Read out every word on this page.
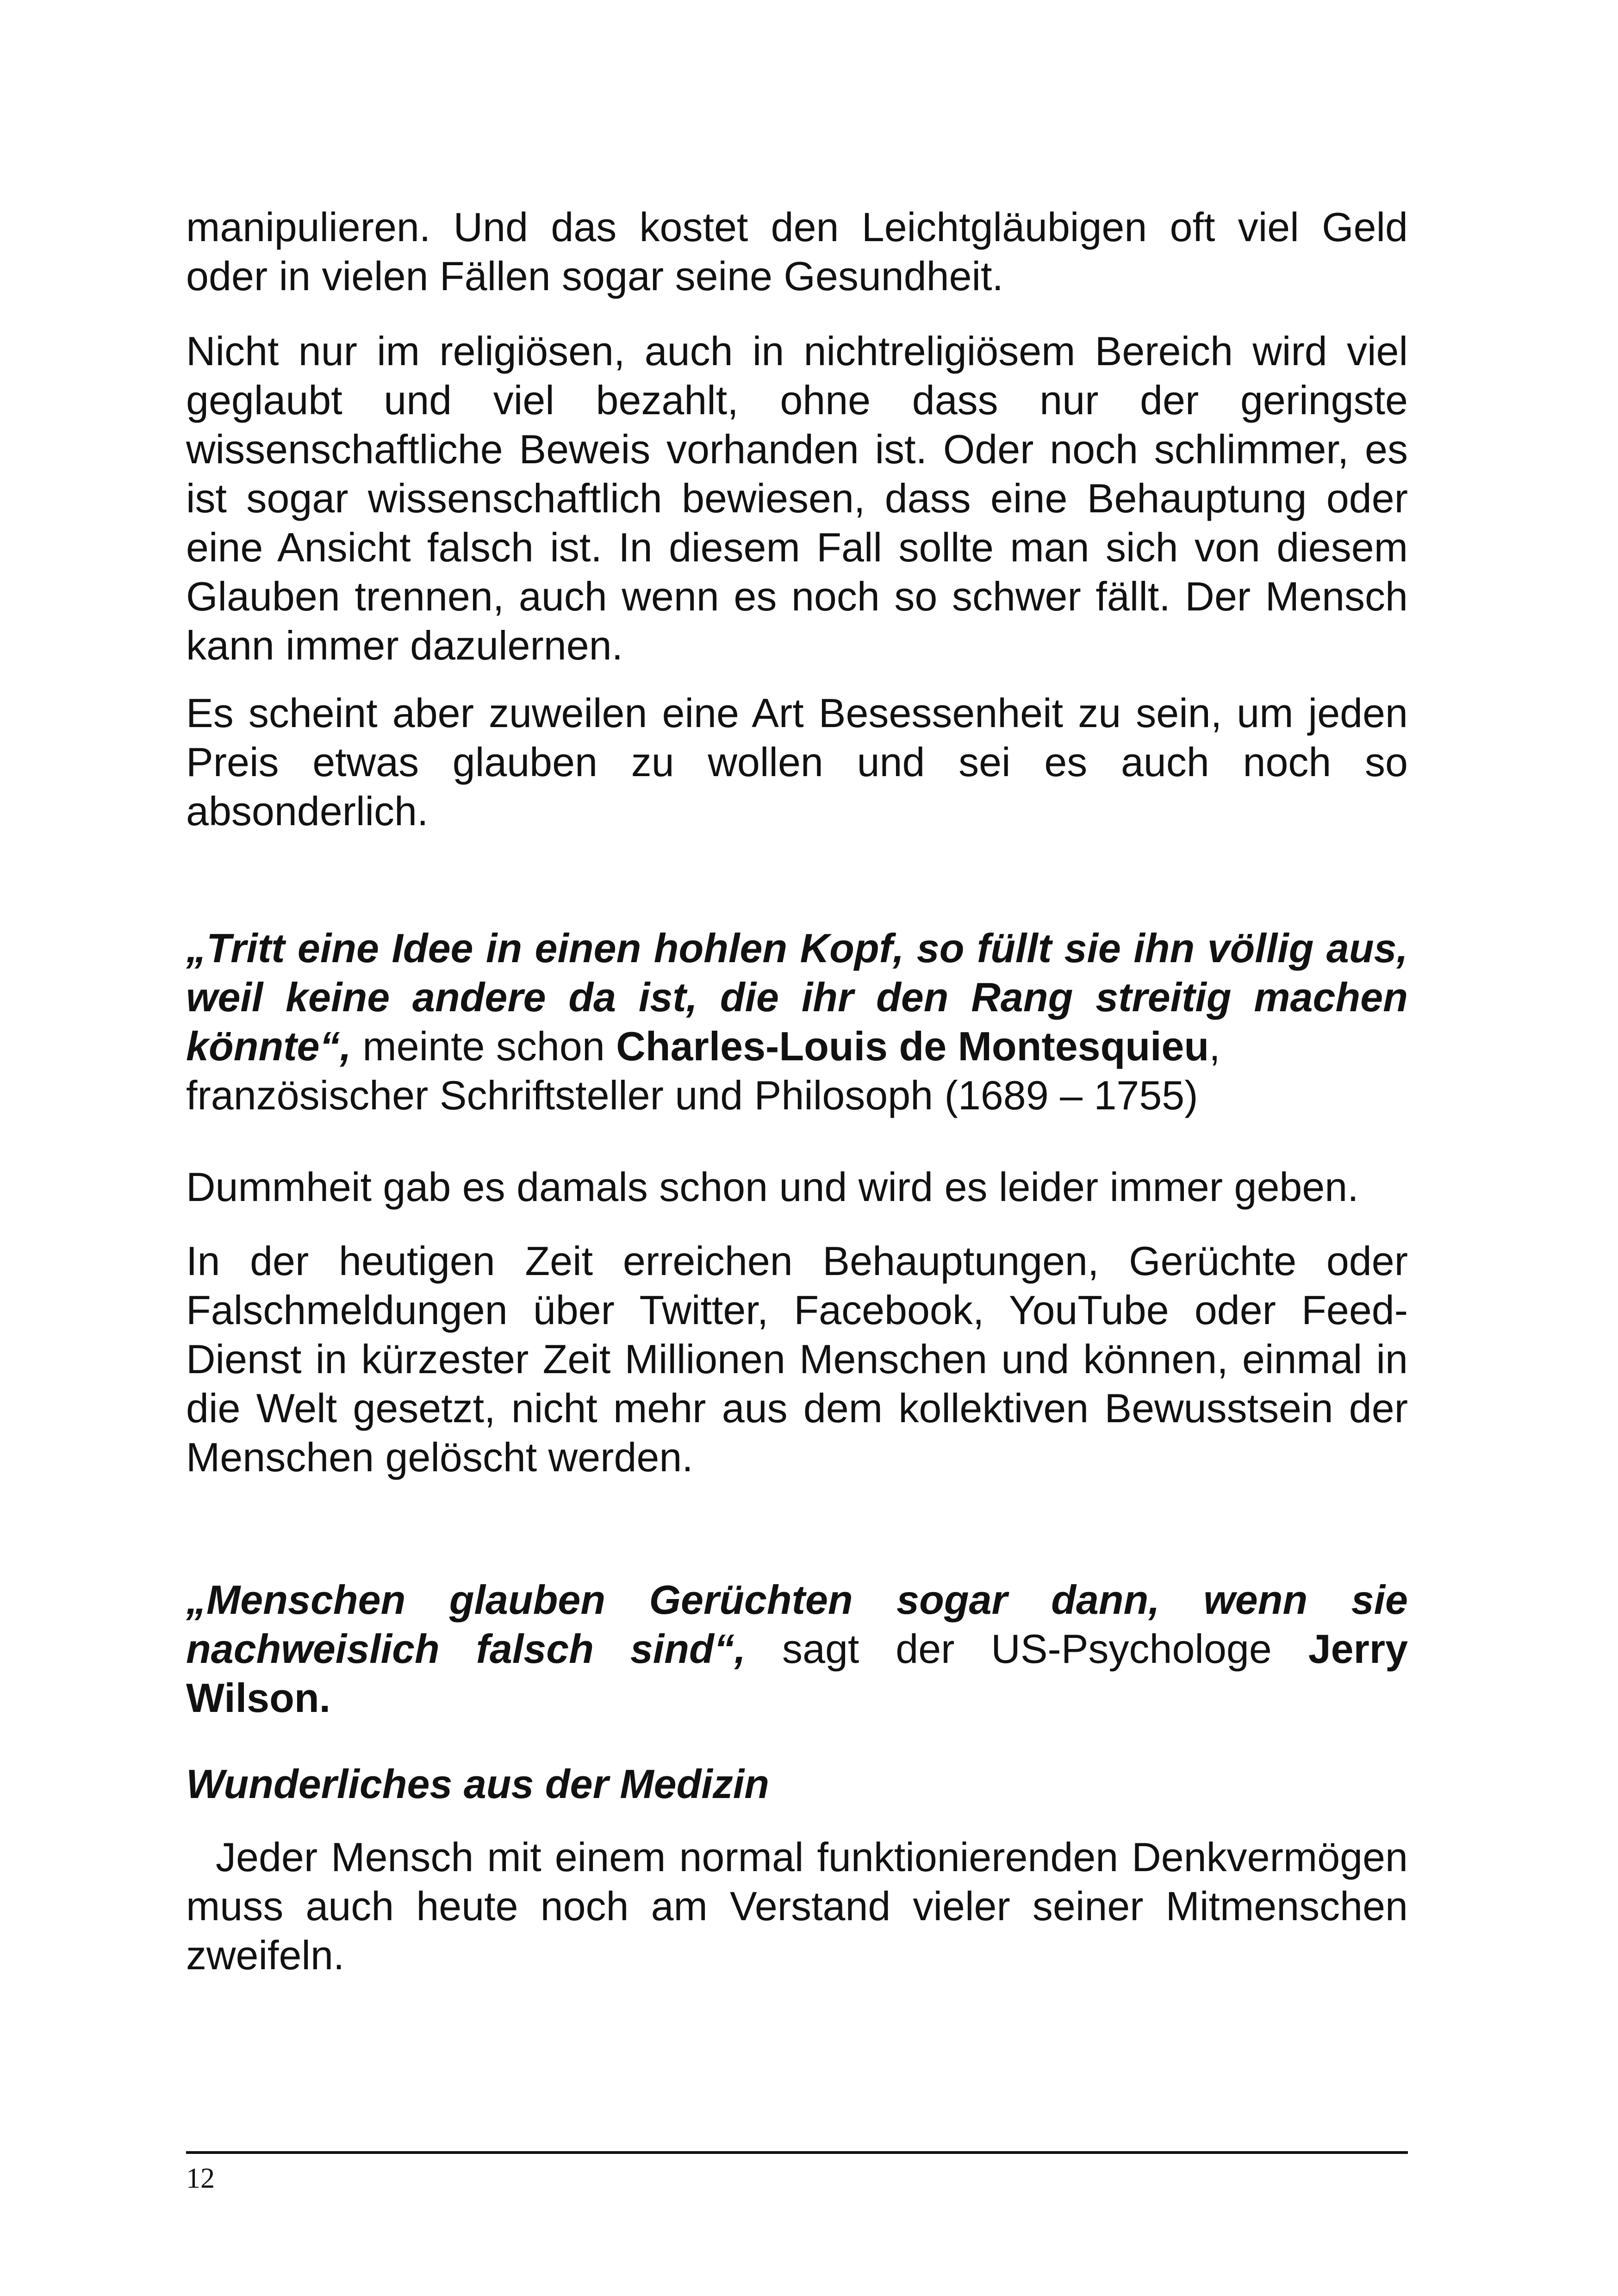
manipulieren. Und das kostet den Leichtgläubigen oft viel Geld oder in vielen Fällen sogar seine Gesundheit.

Nicht nur im religiösen, auch in nichtreligiösem Bereich wird viel geglaubt und viel bezahlt, ohne dass nur der geringste wissenschaftliche Beweis vorhanden ist. Oder noch schlimmer, es ist sogar wissenschaftlich bewiesen, dass eine Behauptung oder eine Ansicht falsch ist. In diesem Fall sollte man sich von diesem Glauben trennen, auch wenn es noch so schwer fällt. Der Mensch kann immer dazulernen.

Es scheint aber zuweilen eine Art Besessenheit zu sein, um jeden Preis etwas glauben zu wollen und sei es auch noch so absonderlich.

„Tritt eine Idee in einen hohlen Kopf, so füllt sie ihn völlig aus, weil keine andere da ist, die ihr den Rang streitig machen könnte“, meinte schon Charles-Louis de Montesquieu,
französischer Schriftsteller und Philosoph (1689 – 1755)

Dummheit gab es damals schon und wird es leider immer geben.

In der heutigen Zeit erreichen Behauptungen, Gerüchte oder Falschmeldungen über Twitter, Facebook, YouTube oder Feed-Dienst in kürzester Zeit Millionen Menschen und können, einmal in die Welt gesetzt, nicht mehr aus dem kollektiven Bewusstsein der Menschen gelöscht werden.

„Menschen glauben Gerüchten sogar dann, wenn sie nachweislich falsch sind“, sagt der US-Psychologe Jerry Wilson.

Wunderliches aus der Medizin

Jeder Mensch mit einem normal funktionierenden Denkvermögen muss auch heute noch am Verstand vieler seiner Mitmenschen zweifeln.

12
